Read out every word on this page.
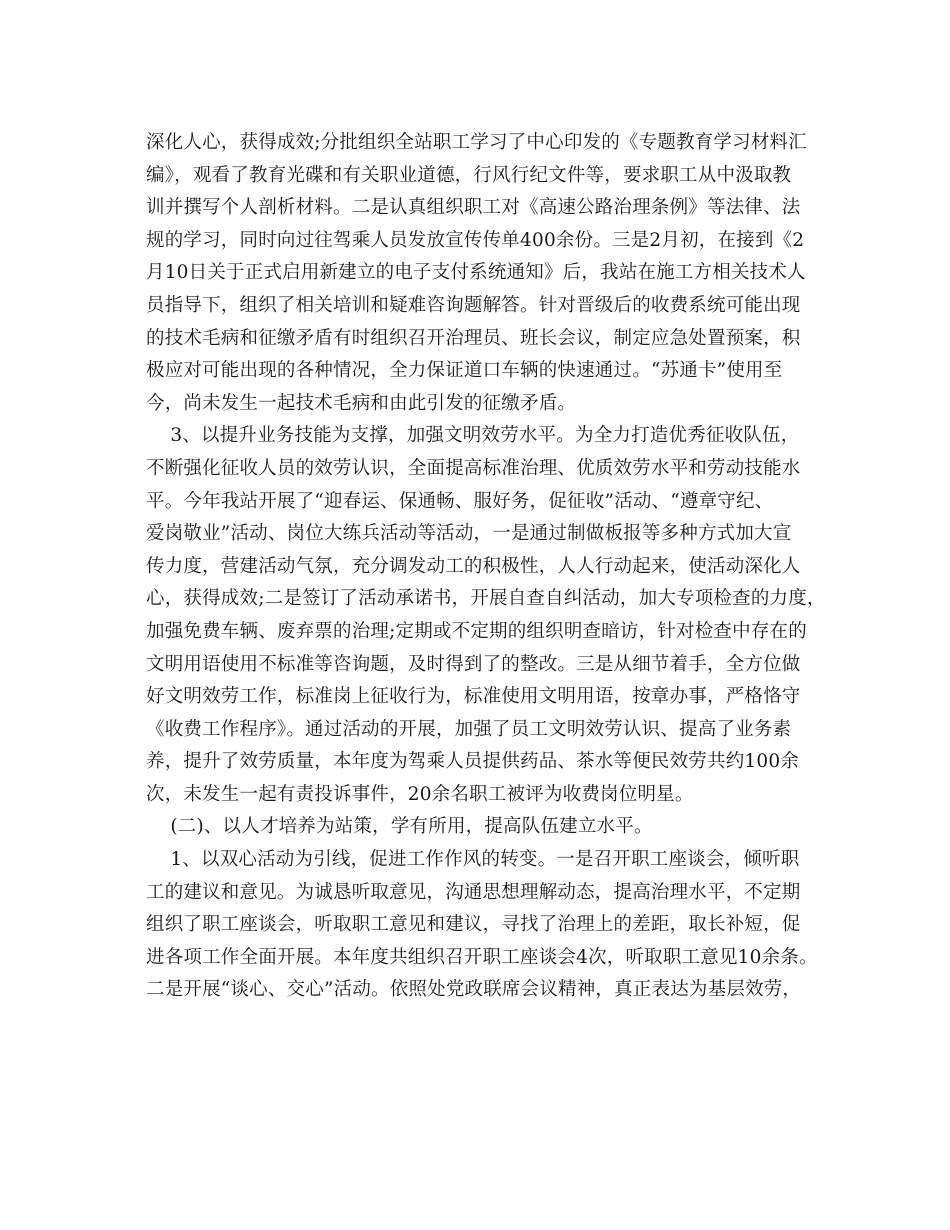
深化人心，获得成效;分批组织全站职工学习了中心印发的《专题教育学习材料汇
编》，观看了教育光碟和有关职业道德，行风行纪文件等，要求职工从中汲取教
训并撰写个人剖析材料。二是认真组织职工对《高速公路治理条例》等法律、法
规的学习，同时向过往驾乘人员发放宣传传单400余份。三是2月初，在接到《2
月10日关于正式启用新建立的电子支付系统通知》后，我站在施工方相关技术人
员指导下，组织了相关培训和疑难咨询题解答。针对晋级后的收费系统可能出现
的技术毛病和征缴矛盾有时组织召开治理员、班长会议，制定应急处置预案，积
极应对可能出现的各种情况，全力保证道口车辆的快速通过。“苏通卡”使用至
今，尚未发生一起技术毛病和由此引发的征缴矛盾。
3、以提升业务技能为支撑，加强文明效劳水平。为全力打造优秀征收队伍，
不断强化征收人员的效劳认识，全面提高标准治理、优质效劳水平和劳动技能水
平。今年我站开展了“迎春运、保通畅、服好务，促征收”活动、“遵章守纪、
爱岗敬业”活动、岗位大练兵活动等活动，一是通过制做板报等多种方式加大宣
传力度，营建活动气氛，充分调发动工的积极性，人人行动起来，使活动深化人
心，获得成效;二是签订了活动承诺书，开展自查自纠活动，加大专项检查的力度，
加强免费车辆、废弃票的治理;定期或不定期的组织明查暗访，针对检查中存在的
文明用语使用不标准等咨询题，及时得到了的整改。三是从细节着手，全方位做
好文明效劳工作，标准岗上征收行为，标准使用文明用语，按章办事，严格恪守
《收费工作程序》。通过活动的开展，加强了员工文明效劳认识、提高了业务素
养，提升了效劳质量，本年度为驾乘人员提供药品、茶水等便民效劳共约100余
次，未发生一起有责投诉事件，20余名职工被评为收费岗位明星。
(二)、以人才培养为站策，学有所用，提高队伍建立水平。
1、以双心活动为引线，促进工作作风的转变。一是召开职工座谈会，倾听职
工的建议和意见。为诚恳听取意见，沟通思想理解动态，提高治理水平，不定期
组织了职工座谈会，听取职工意见和建议，寻找了治理上的差距，取长补短，促
进各项工作全面开展。本年度共组织召开职工座谈会4次，听取职工意见10余条。
二是开展“谈心、交心”活动。依照处党政联席会议精神，真正表达为基层效劳，
